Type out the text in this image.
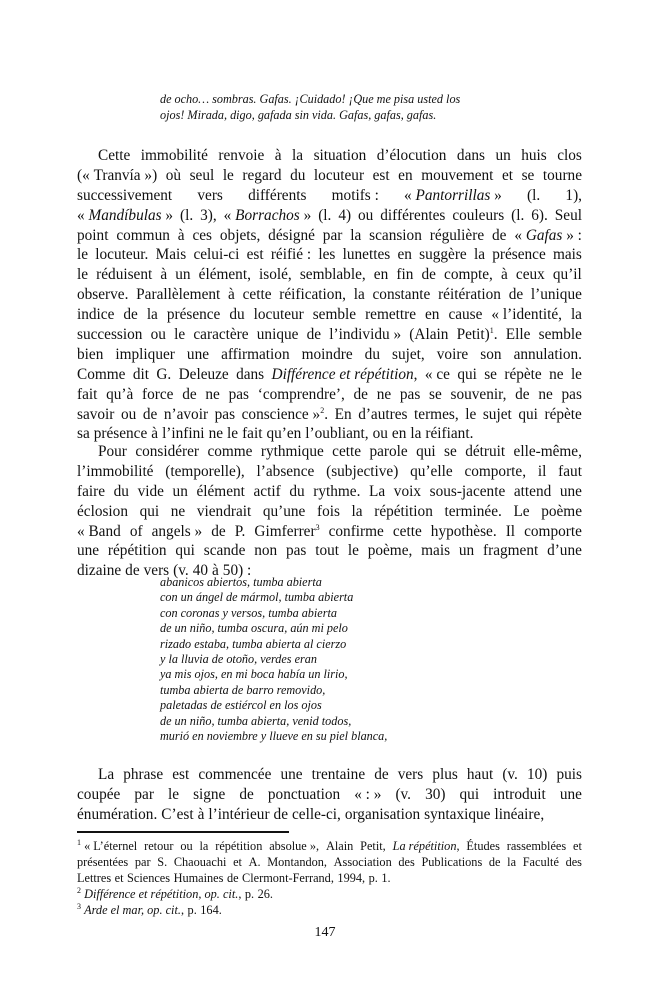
de ocho… sombras. Gafas. ¡Cuidado! ¡Que me pisa usted los
ojos! Mirada, digo, gafada sin vida. Gafas, gafas, gafas.
Cette immobilité renvoie à la situation d’élocution dans un huis clos
(« Tranvía ») où seul le regard du locuteur est en mouvement et se tourne
successivement vers différents motifs : « Pantorrillas » (l. 1),
« Mandíbulas » (l. 3), « Borrachos » (l. 4) ou différentes couleurs (l. 6). Seul
point commun à ces objets, désigné par la scansion régulière de « Gafas » :
le locuteur. Mais celui-ci est réifié : les lunettes en suggère la présence mais
le réduisent à un élément, isolé, semblable, en fin de compte, à ceux qu’il
observe. Parallèlement à cette réification, la constante réitération de l’unique
indice de la présence du locuteur semble remettre en cause « l’identité, la
succession ou le caractère unique de l’individu » (Alain Petit)$^1$. Elle semble
bien impliquer une affirmation moindre du sujet, voire son annulation.
Comme dit G. Deleuze dans Différence et répétition, « ce qui se répète ne le
fait qu’à force de ne pas ‘comprendre’, de ne pas se souvenir, de ne pas
savoir ou de n’avoir pas conscience »$^2$. En d’autres termes, le sujet qui répète
sa présence à l’infini ne le fait qu’en l’oubliant, ou en la réifiant.
Pour considérer comme rythmique cette parole qui se détruit elle-même,
l’immobilité (temporelle), l’absence (subjective) qu’elle comporte, il faut
faire du vide un élément actif du rythme. La voix sous-jacente attend une
éclosion qui ne viendrait qu’une fois la répétition terminée. Le poème
« Band of angels » de P. Gimferrer$^3$ confirme cette hypothèse. Il comporte
une répétition qui scande non pas tout le poème, mais un fragment d’une
dizaine de vers (v. 40 à 50) :
abanicos abiertos, tumba abierta
con un ángel de mármol, tumba abierta
con coronas y versos, tumba abierta
de un niño, tumba oscura, aún mi pelo
rizado estaba, tumba abierta al cierzo
y la lluvia de otoño, verdes eran
ya mis ojos, en mi boca había un lirio,
tumba abierta de barro removido,
paletadas de estiércol en los ojos
de un niño, tumba abierta, venid todos,
murió en noviembre y llueve en su piel blanca,
La phrase est commencée une trentaine de vers plus haut (v. 10) puis
coupée par le signe de ponctuation « : » (v. 30) qui introduit une
énumération. C’est à l’intérieur de celle-ci, organisation syntaxique linéaire,
$^1$ « L’éternel retour ou la répétition absolue », Alain Petit, La répétition, Études rassemblées et
présentées par S. Chaouachi et A. Montandon, Association des Publications de la Faculté des
Lettres et Sciences Humaines de Clermont-Ferrand, 1994, p. 1.
$^2$ Différence et répétition, op. cit., p. 26.
$^3$ Arde el mar, op. cit., p. 164.
147
